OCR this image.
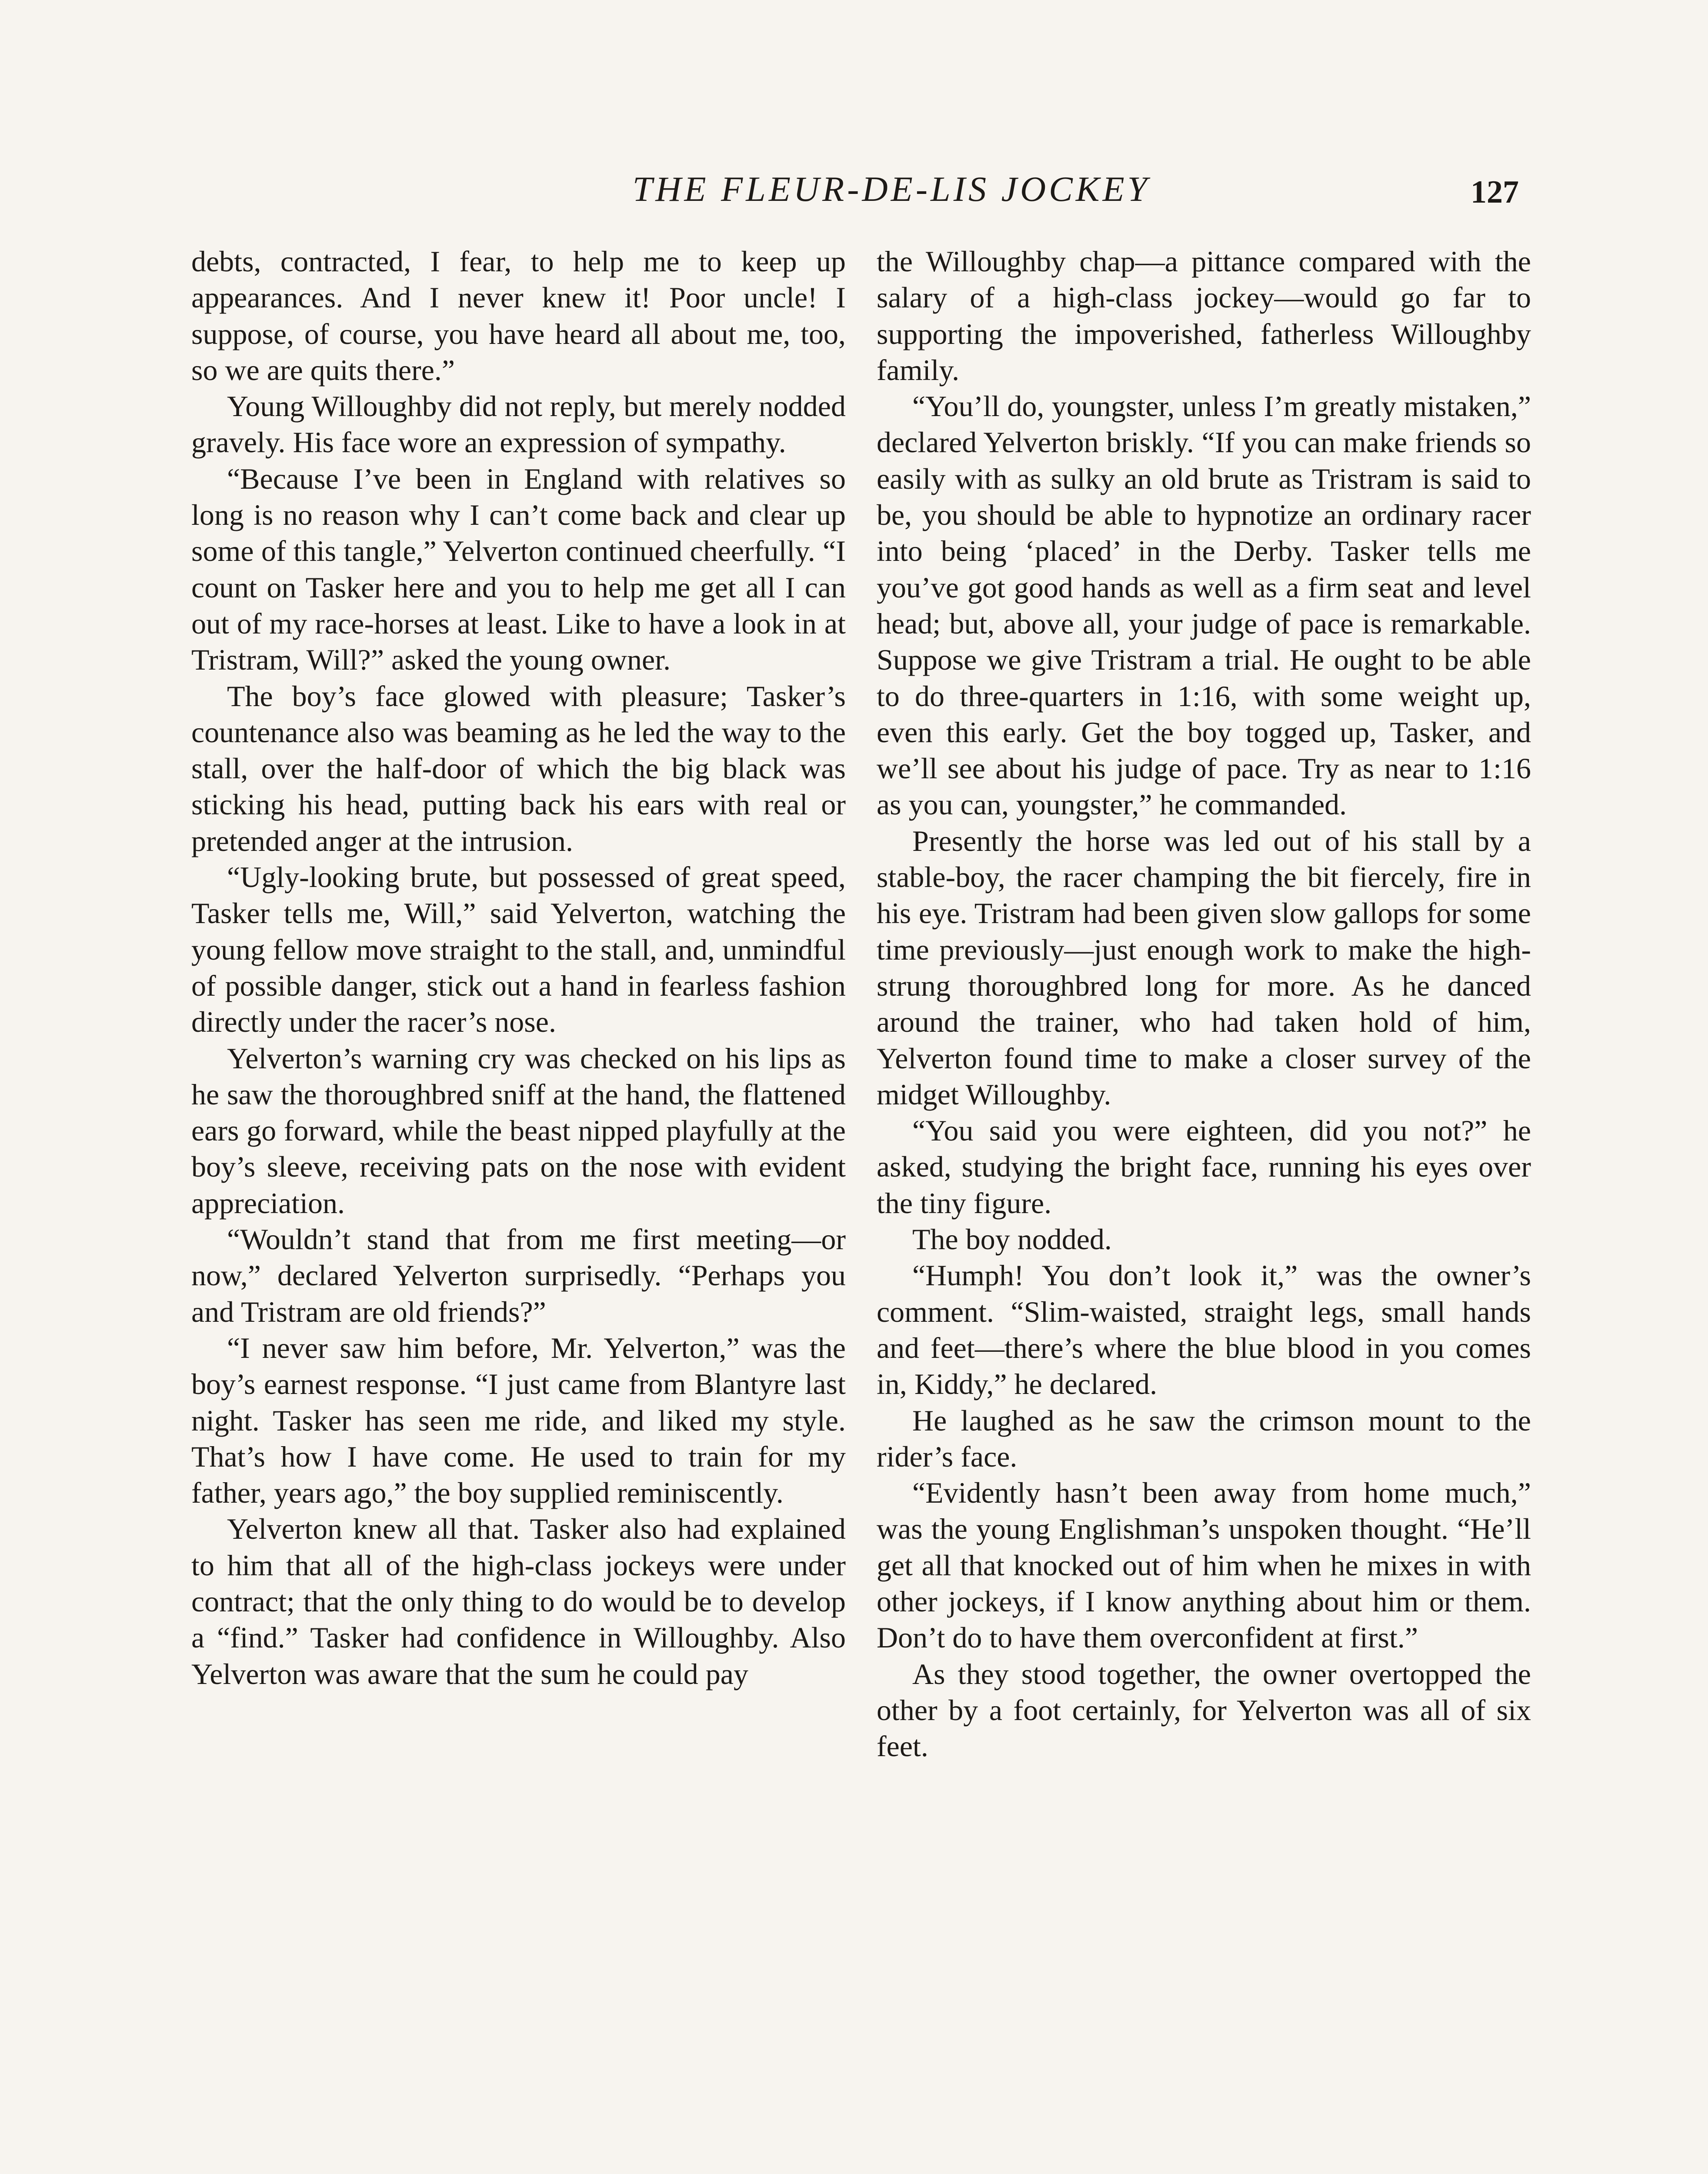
THE FLEUR-DE-LIS JOCKEY	127

debts, contracted, I fear, to help me to keep up appearances. And I never knew it! Poor uncle! I suppose, of course, you have heard all about me, too, so we are quits there.”

Young Willoughby did not reply, but merely nodded gravely. His face wore an expression of sympathy.

“Because I’ve been in England with relatives so long is no reason why I can’t come back and clear up some of this tangle,” Yelverton continued cheerfully. “I count on Tasker here and you to help me get all I can out of my race-horses at least. Like to have a look in at Tristram, Will?” asked the young owner.

The boy’s face glowed with pleasure; Tasker’s countenance also was beaming as he led the way to the stall, over the half-door of which the big black was sticking his head, putting back his ears with real or pretended anger at the intrusion.

“Ugly-looking brute, but possessed of great speed, Tasker tells me, Will,” said Yelverton, watching the young fellow move straight to the stall, and, unmindful of possible danger, stick out a hand in fearless fashion directly under the racer’s nose.

Yelverton’s warning cry was checked on his lips as he saw the thoroughbred sniff at the hand, the flattened ears go forward, while the beast nipped playfully at the boy’s sleeve, receiving pats on the nose with evident appreciation.

“Wouldn’t stand that from me first meeting—or now,” declared Yelverton surprisedly. “Perhaps you and Tristram are old friends?”

“I never saw him before, Mr. Yelverton,” was the boy’s earnest response. “I just came from Blantyre last night. Tasker has seen me ride, and liked my style. That’s how I have come. He used to train for my father, years ago,” the boy supplied reminiscently.

Yelverton knew all that. Tasker also had explained to him that all of the high-class jockeys were under contract; that the only thing to do would be to develop a “find.” Tasker had confidence in Willoughby. Also Yelverton was aware that the sum he could pay

the Willoughby chap—a pittance compared with the salary of a high-class jockey—would go far to supporting the impoverished, fatherless Willoughby family.

“You’ll do, youngster, unless I’m greatly mistaken,” declared Yelverton briskly. “If you can make friends so easily with as sulky an old brute as Tristram is said to be, you should be able to hypnotize an ordinary racer into being ‘placed’ in the Derby. Tasker tells me you’ve got good hands as well as a firm seat and level head; but, above all, your judge of pace is remarkable. Suppose we give Tristram a trial. He ought to be able to do three-quarters in 1:16, with some weight up, even this early. Get the boy togged up, Tasker, and we’ll see about his judge of pace. Try as near to 1:16 as you can, youngster,” he commanded.

Presently the horse was led out of his stall by a stable-boy, the racer champing the bit fiercely, fire in his eye. Tristram had been given slow gallops for some time previously—just enough work to make the high-strung thoroughbred long for more. As he danced around the trainer, who had taken hold of him, Yelverton found time to make a closer survey of the midget Willoughby.

“You said you were eighteen, did you not?” he asked, studying the bright face, running his eyes over the tiny figure.

The boy nodded.

“Humph! You don’t look it,” was the owner’s comment. “Slim-waisted, straight legs, small hands and feet—there’s where the blue blood in you comes in, Kiddy,” he declared.

He laughed as he saw the crimson mount to the rider’s face.

“Evidently hasn’t been away from home much,” was the young Englishman’s unspoken thought. “He’ll get all that knocked out of him when he mixes in with other jockeys, if I know anything about him or them. Don’t do to have them overconfident at first.”

As they stood together, the owner overtopped the other by a foot certainly, for Yelverton was all of six feet.
